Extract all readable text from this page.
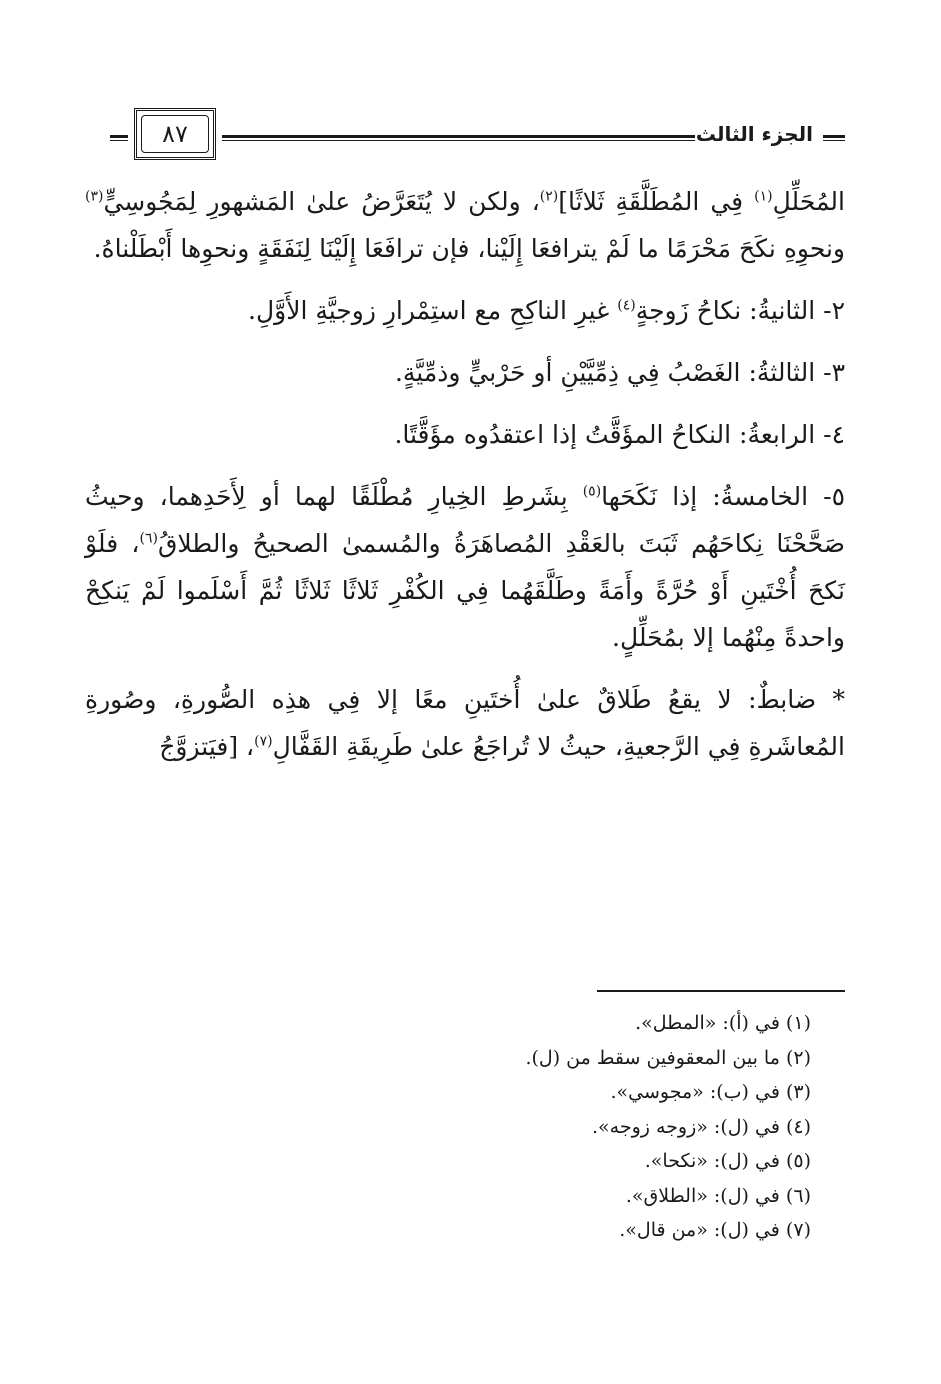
الجزء الثالث
٨٧

المُحَلِّلِ$^{(١)}$ فِي المُطَلَّقَةِ ثَلاثًا]$^{(٢)}$، ولكن لا يُتَعَرَّضُ علىٰ المَشهورِ لِمَجُوسِيٍّ$^{(٣)}$ ونحوِهِ نكَحَ مَحْرَمًا ما لَمْ يترافعَا إِلَيْنا، فإن ترافَعَا إِلَيْنَا لِنَفَقَةٍ ونحوِها أَبْطَلْناهُ.

٢- الثانيةُ: نكاحُ زَوجةٍ$^{(٤)}$ غيرِ الناكِحِ مع استِمْرارِ زوجيَّةِ الأَوَّلِ.

٣- الثالثةُ: الغَصْبُ فِي ذِمِّيَّيْنِ أو حَرْبيٍّ وذمِّيَّةٍ.

٤- الرابعةُ: النكاحُ المؤَقَّتُ إذا اعتقدُوه مؤَقَّتًا.

٥- الخامسةُ: إذا نَكَحَها$^{(٥)}$ بِشَرطِ الخِيارِ مُطْلَقًا لهما أو لِأَحَدِهما، وحيثُ صَحَّحْنَا نِكاحَهُم ثَبَتَ بالعَقْدِ المُصاهَرَةُ والمُسمىٰ الصحيحُ والطلاقُ$^{(٦)}$، فلَوْ نَكحَ أُخْتَينِ أَوْ حُرَّةً وأَمَةً وطَلَّقَهُما فِي الكُفْرِ ثَلاثًا ثَلاثًا ثُمَّ أَسْلَموا لَمْ يَنكِحْ واحدةً مِنْهُما إلا بمُحَلِّلٍ.

* ضابطٌ: لا يقعُ طَلاقٌ علىٰ أُختَينِ معًا إلا فِي هذِه الصُّورةِ، وصُورةِ المُعاشَرةِ فِي الرَّجعيةِ، حيثُ لا تُراجَعُ علىٰ طَرِيقَةِ القَفَّالِ$^{(٧)}$، [فيَتزوَّجُ

(١) في (أ): «المطل».
(٢) ما بين المعقوفين سقط من (ل).
(٣) في (ب): «مجوسي».
(٤) في (ل): «زوجه زوجه».
(٥) في (ل): «نكحا».
(٦) في (ل): «الطلاق».
(٧) في (ل): «من قال».
